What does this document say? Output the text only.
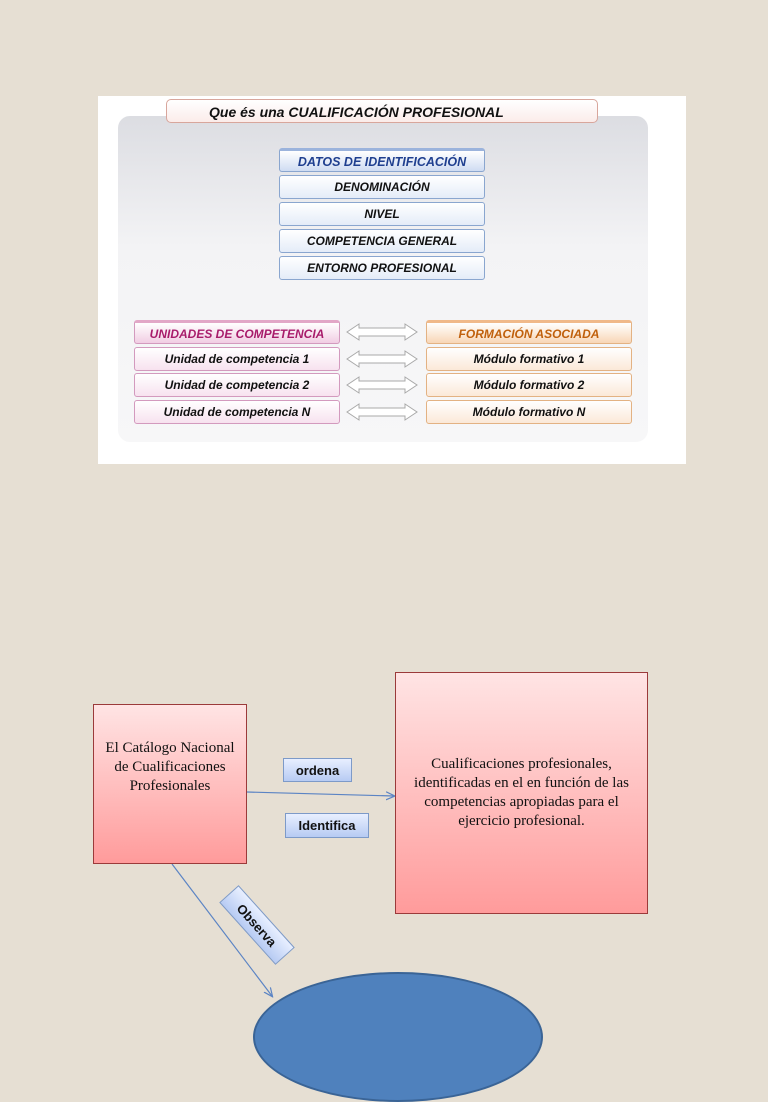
Que és una CUALIFICACIÓN PROFESIONAL
DATOS DE IDENTIFICACIÓN
DENOMINACIÓN
NIVEL
COMPETENCIA GENERAL
ENTORNO PROFESIONAL
UNIDADES DE COMPETENCIA
Unidad de competencia 1
Unidad de competencia 2
Unidad de competencia N
FORMACIÓN ASOCIADA
Módulo formativo 1
Módulo formativo 2
Módulo formativo N
El Catálogo Nacional de Cualificaciones Profesionales
Cualificaciones profesionales, identificadas en el en función de las competencias apropiadas para el ejercicio profesional.
ordena
Identifica
Observa
